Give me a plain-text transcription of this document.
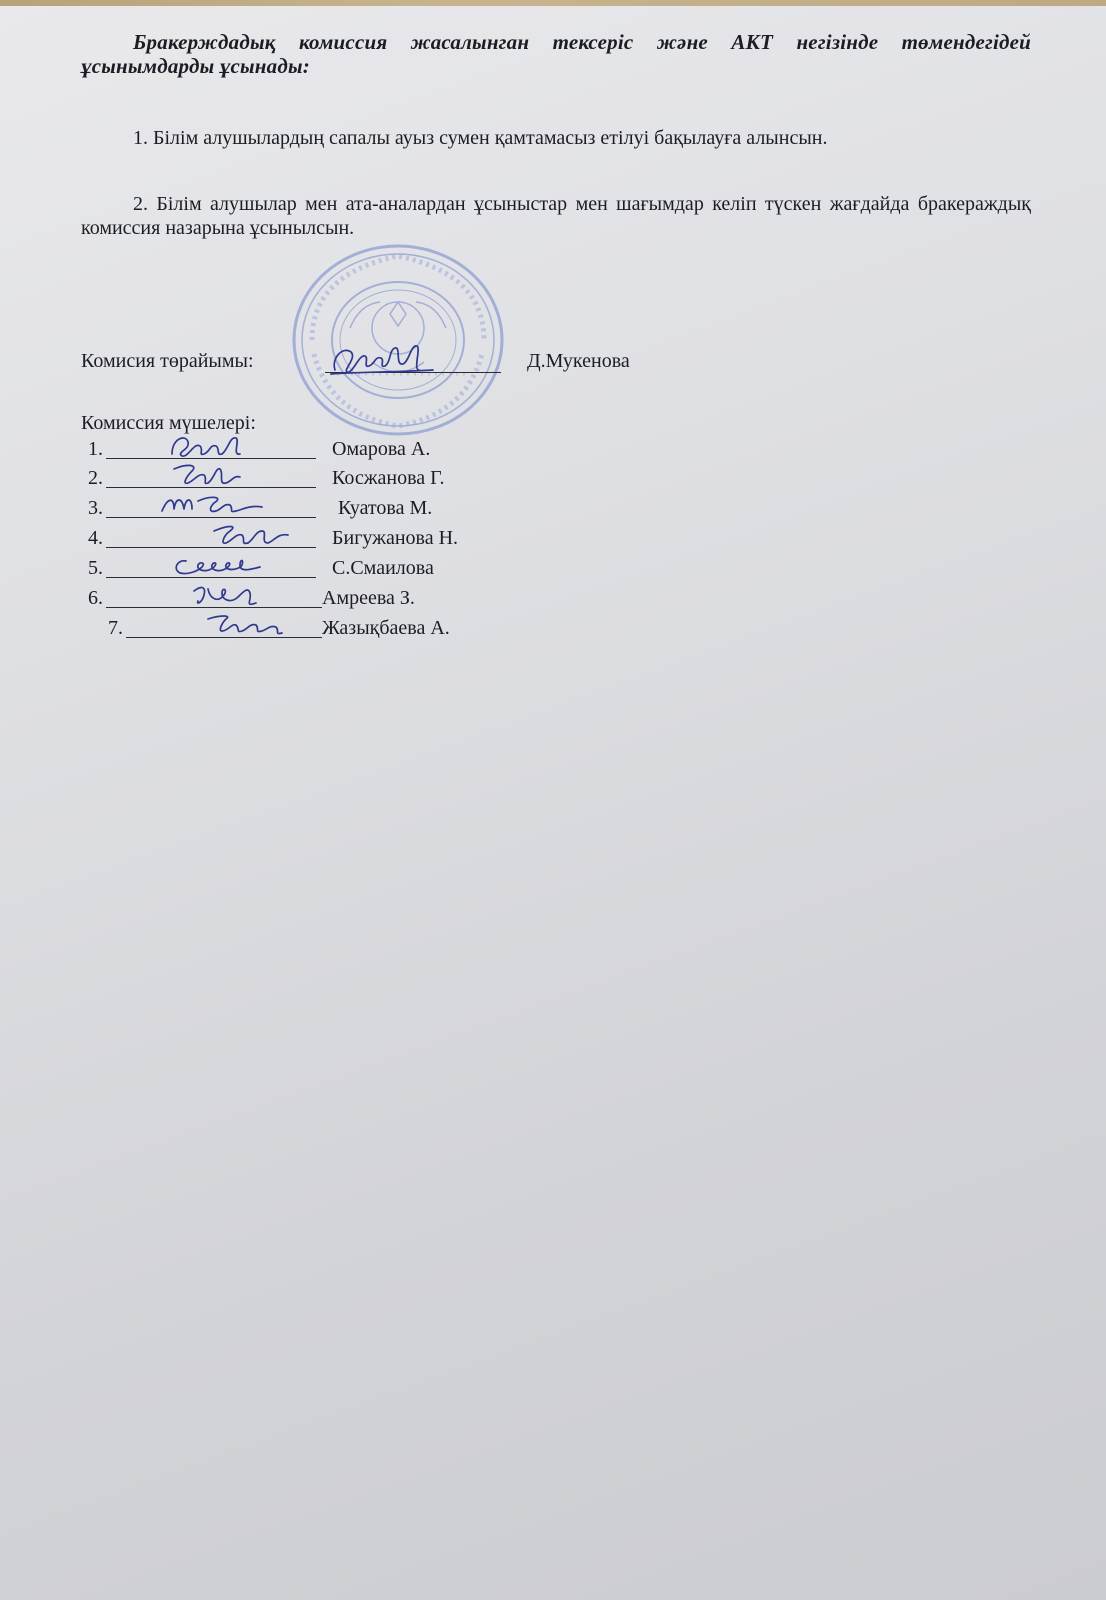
Бракерждадық комиссия жасалынган тексеріс және АКТ негізінде төмендегідей ұсынымдарды ұсынады:
1. Білім алушылардың сапалы ауыз сумен қамтамасыз етілуі бақылауға алынсын.
2. Білім алушылар мен ата-аналардан ұсыныстар мен шағымдар келіп түскен жағдайда бракераждық комиссия назарына ұсынылсын.
Комисия төрайымы:	Д.Мукенова
Комиссия мүшелері:
1.	Омарова А.
2.	Косжанова Г.
3.	Куатова М.
4.	Бигужанова Н.
5.	С.Смаилова
6.	Амреева З.
7.	Жазықбаева А.
